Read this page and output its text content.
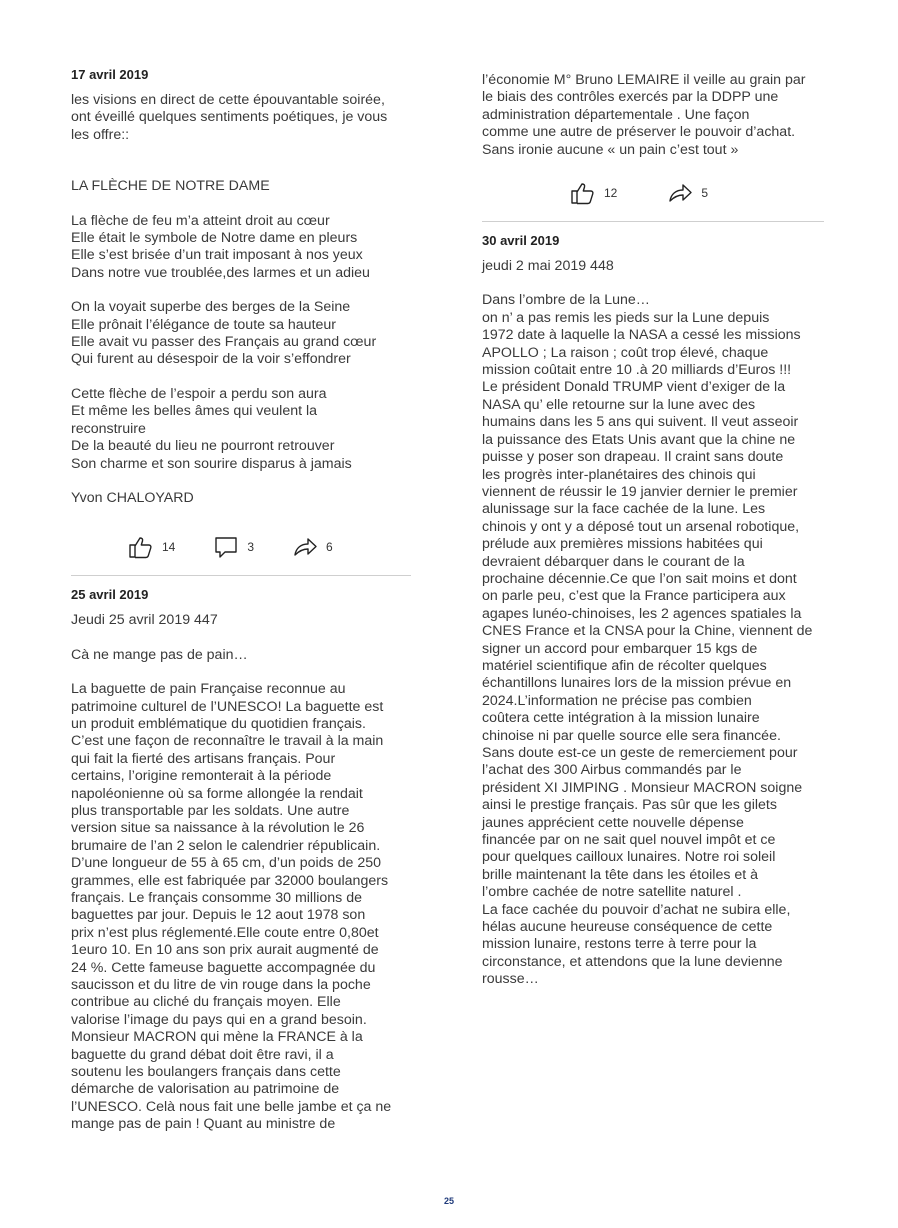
17 avril 2019

les visions en direct de cette épouvantable soirée,
ont éveillé quelques sentiments poétiques, je vous
les offre::

LA FLÈCHE DE NOTRE DAME

La flèche de feu m’a atteint droit au cœur
Elle était le symbole de Notre dame en pleurs
Elle s’est brisée d’un trait imposant à nos yeux
Dans notre vue troublée,des larmes et un adieu

On la voyait superbe des berges de la Seine
Elle prônait l’élégance de toute sa hauteur
Elle avait vu passer des Français au grand cœur
Qui furent au désespoir de la voir s’effondrer

Cette flèche de l’espoir a perdu son aura
Et même les belles âmes qui veulent la
reconstruire
De la beauté du lieu ne pourront retrouver
Son charme et son sourire disparus à jamais

Yvon CHALOYARD

14	3	6
25 avril 2019

Jeudi 25 avril 2019 447

Cà ne mange pas de pain…

La baguette de pain Française reconnue au
patrimoine culturel de l’UNESCO! La baguette est
un produit emblématique du quotidien français.
C’est une façon de reconnaître le travail à la main
qui fait la fierté des artisans français. Pour
certains, l’origine remonterait à la période
napoléonienne où sa forme allongée la rendait
plus transportable par les soldats. Une autre
version situe sa naissance à la révolution le 26
brumaire de l’an 2 selon le calendrier républicain.
D’une longueur de 55 à 65 cm, d’un poids de 250
grammes, elle est fabriquée par 32000 boulangers
français. Le français consomme 30 millions de
baguettes par jour. Depuis le 12 aout 1978 son
prix n’est plus réglementé.Elle coute entre 0,80et
1euro 10. En 10 ans son prix aurait augmenté de
24 %. Cette fameuse baguette accompagnée du
saucisson et du litre de vin rouge dans la poche
contribue au cliché du français moyen. Elle
valorise l’image du pays qui en a grand besoin.
Monsieur MACRON qui mène la FRANCE à la
baguette du grand débat doit être ravi, il a
soutenu les boulangers français dans cette
démarche de valorisation au patrimoine de
l’UNESCO. Celà nous fait une belle jambe et ça ne
mange pas de pain ! Quant au ministre de

l’économie M° Bruno LEMAIRE il veille au grain par
le biais des contrôles exercés par la DDPP une
administration départementale . Une façon
comme une autre de préserver le pouvoir d’achat.
Sans ironie aucune « un pain c’est tout »

12	5
30 avril 2019

jeudi 2 mai 2019 448

Dans l’ombre de la Lune…
on n’ a pas remis les pieds sur la Lune depuis
1972 date à laquelle la NASA a cessé les missions
APOLLO ; La raison ; coût trop élevé, chaque
mission coûtait entre 10 .à 20 milliards d’Euros !!!
Le président Donald TRUMP vient d’exiger de la
NASA qu’ elle retourne sur la lune avec des
humains dans les 5 ans qui suivent. Il veut asseoir
la puissance des Etats Unis avant que la chine ne
puisse y poser son drapeau. Il craint sans doute
les progrès inter-planétaires des chinois qui
viennent de réussir le 19 janvier dernier le premier
alunissage sur la face cachée de la lune. Les
chinois y ont y a déposé tout un arsenal robotique,
prélude aux premières missions habitées qui
devraient débarquer dans le courant de la
prochaine décennie.Ce que l’on sait moins et dont
on parle peu, c’est que la France participera aux
agapes lunéo-chinoises, les 2 agences spatiales la
CNES France et la CNSA pour la Chine, viennent de
signer un accord pour embarquer 15 kgs de
matériel scientifique afin de récolter quelques
échantillons lunaires lors de la mission prévue en
2024.L’information ne précise pas combien
coûtera cette intégration à la mission lunaire
chinoise ni par quelle source elle sera financée.
Sans doute est-ce un geste de remerciement pour
l’achat des 300 Airbus commandés par le
président XI JIMPING . Monsieur MACRON soigne
ainsi le prestige français. Pas sûr que les gilets
jaunes apprécient cette nouvelle dépense
financée par on ne sait quel nouvel impôt et ce
pour quelques cailloux lunaires. Notre roi soleil
brille maintenant la tête dans les étoiles et à
l’ombre cachée de notre satellite naturel .
La face cachée du pouvoir d’achat ne subira elle,
hélas aucune heureuse conséquence de cette
mission lunaire, restons terre à terre pour la
circonstance, et attendons que la lune devienne
rousse…

25
